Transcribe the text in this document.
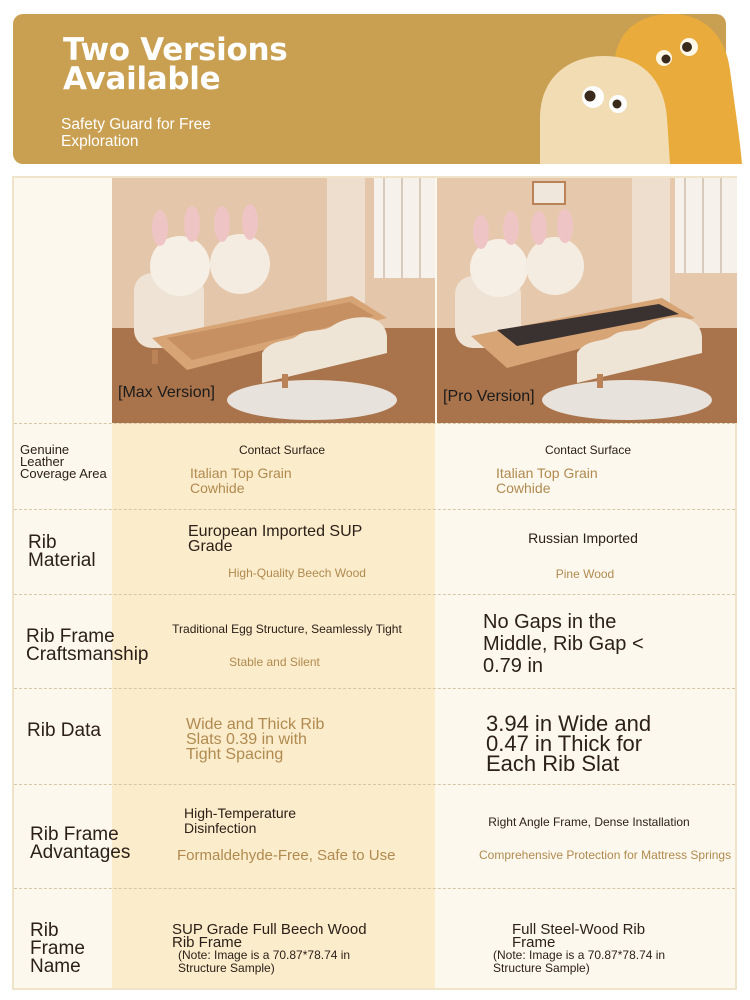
Two Versions Available
Safety Guard for Free Exploration
[Max Version]	[Pro Version]
Genuine Leather Coverage Area
Contact Surface
Italian Top Grain Cowhide
Contact Surface
Italian Top Grain Cowhide
Rib Material
European Imported SUP Grade
High-Quality Beech Wood
Russian Imported
Pine Wood
Rib Frame Craftsmanship
Traditional Egg Structure, Seamlessly Tight
Stable and Silent
No Gaps in the Middle, Rib Gap < 0.79 in
Rib Data	Wide and Thick Rib Slats 0.39 in with Tight Spacing
3.94 in Wide and 0.47 in Thick for Each Rib Slat
Rib Frame Advantages
High-Temperature Disinfection
Formaldehyde-Free, Safe to Use
Right Angle Frame, Dense Installation
Comprehensive Protection for Mattress Springs
Rib Frame Name
SUP Grade Full Beech Wood Rib Frame
(Note: Image is a 70.87*78.74 in Structure Sample)
Full Steel-Wood Rib Frame
(Note: Image is a 70.87*78.74 in Structure Sample)
